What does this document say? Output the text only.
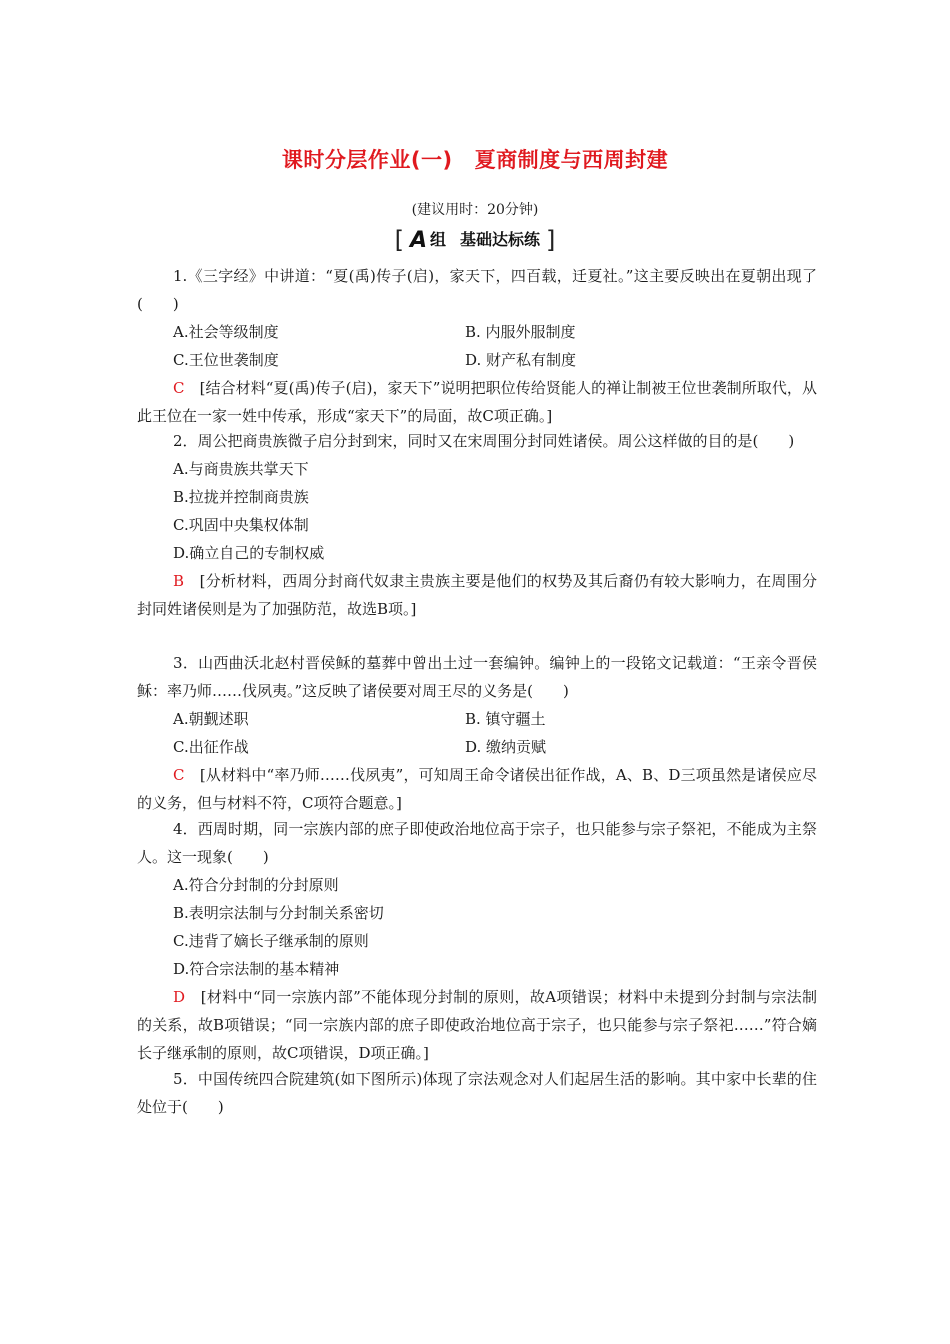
课时分层作业(一) 夏商制度与西周封建
(建议用时：20分钟)
[ A 组 基础达标练 ]

1.《三字经》中讲道：“夏(禹)传子(启)，家天下，四百载，迁夏社。”这主要反映出在夏朝出现了(　　)

A.社会等级制度	B. 内服外服制度
C.王位世袭制度	D. 财产私有制度

C　[结合材料“夏(禹)传子(启)，家天下”说明把职位传给贤能人的禅让制被王位世袭制所取代，从此王位在一家一姓中传承，形成“家天下”的局面，故C项正确。]

2．周公把商贵族微子启分封到宋，同时又在宋周围分封同姓诸侯。周公这样做的目的是(　　)

A.与商贵族共掌天下

B.拉拢并控制商贵族

C.巩固中央集权体制

D.确立自己的专制权威

B　[分析材料，西周分封商代奴隶主贵族主要是他们的权势及其后裔仍有较大影响力，在周围分封同姓诸侯则是为了加强防范，故选B项。]

3．山西曲沃北赵村晋侯稣的墓葬中曾出土过一套编钟。编钟上的一段铭文记载道：“王亲令晋侯稣：率乃师……伐夙夷。”这反映了诸侯要对周王尽的义务是(　　)

A.朝觐述职	B. 镇守疆土
C.出征作战	D. 缴纳贡赋

C　[从材料中“率乃师……伐夙夷”，可知周王命令诸侯出征作战，A、B、D三项虽然是诸侯应尽的义务，但与材料不符，C项符合题意。]

4．西周时期，同一宗族内部的庶子即使政治地位高于宗子，也只能参与宗子祭祀，不能成为主祭人。这一现象(　　)

A.符合分封制的分封原则

B.表明宗法制与分封制关系密切

C.违背了嫡长子继承制的原则

D.符合宗法制的基本精神

D　[材料中“同一宗族内部”不能体现分封制的原则，故A项错误；材料中未提到分封制与宗法制的关系，故B项错误；“同一宗族内部的庶子即使政治地位高于宗子，也只能参与宗子祭祀……”符合嫡长子继承制的原则，故C项错误，D项正确。]

5．中国传统四合院建筑(如下图所示)体现了宗法观念对人们起居生活的影响。其中家中长辈的住处位于(　　)
